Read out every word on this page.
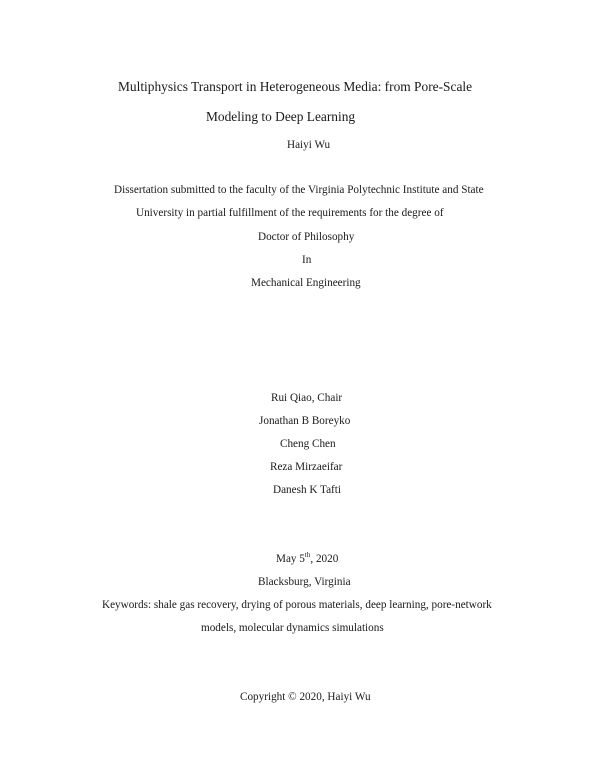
Multiphysics Transport in Heterogeneous Media: from Pore-Scale
Modeling to Deep Learning
Haiyi Wu
Dissertation submitted to the faculty of the Virginia Polytechnic Institute and State
University in partial fulfillment of the requirements for the degree of
Doctor of Philosophy
In
Mechanical Engineering
Rui Qiao, Chair
Jonathan B Boreyko
Cheng Chen
Reza Mirzaeifar
Danesh K Tafti
May 5th, 2020
Blacksburg, Virginia
Keywords: shale gas recovery, drying of porous materials, deep learning, pore-network
models, molecular dynamics simulations
Copyright © 2020, Haiyi Wu
